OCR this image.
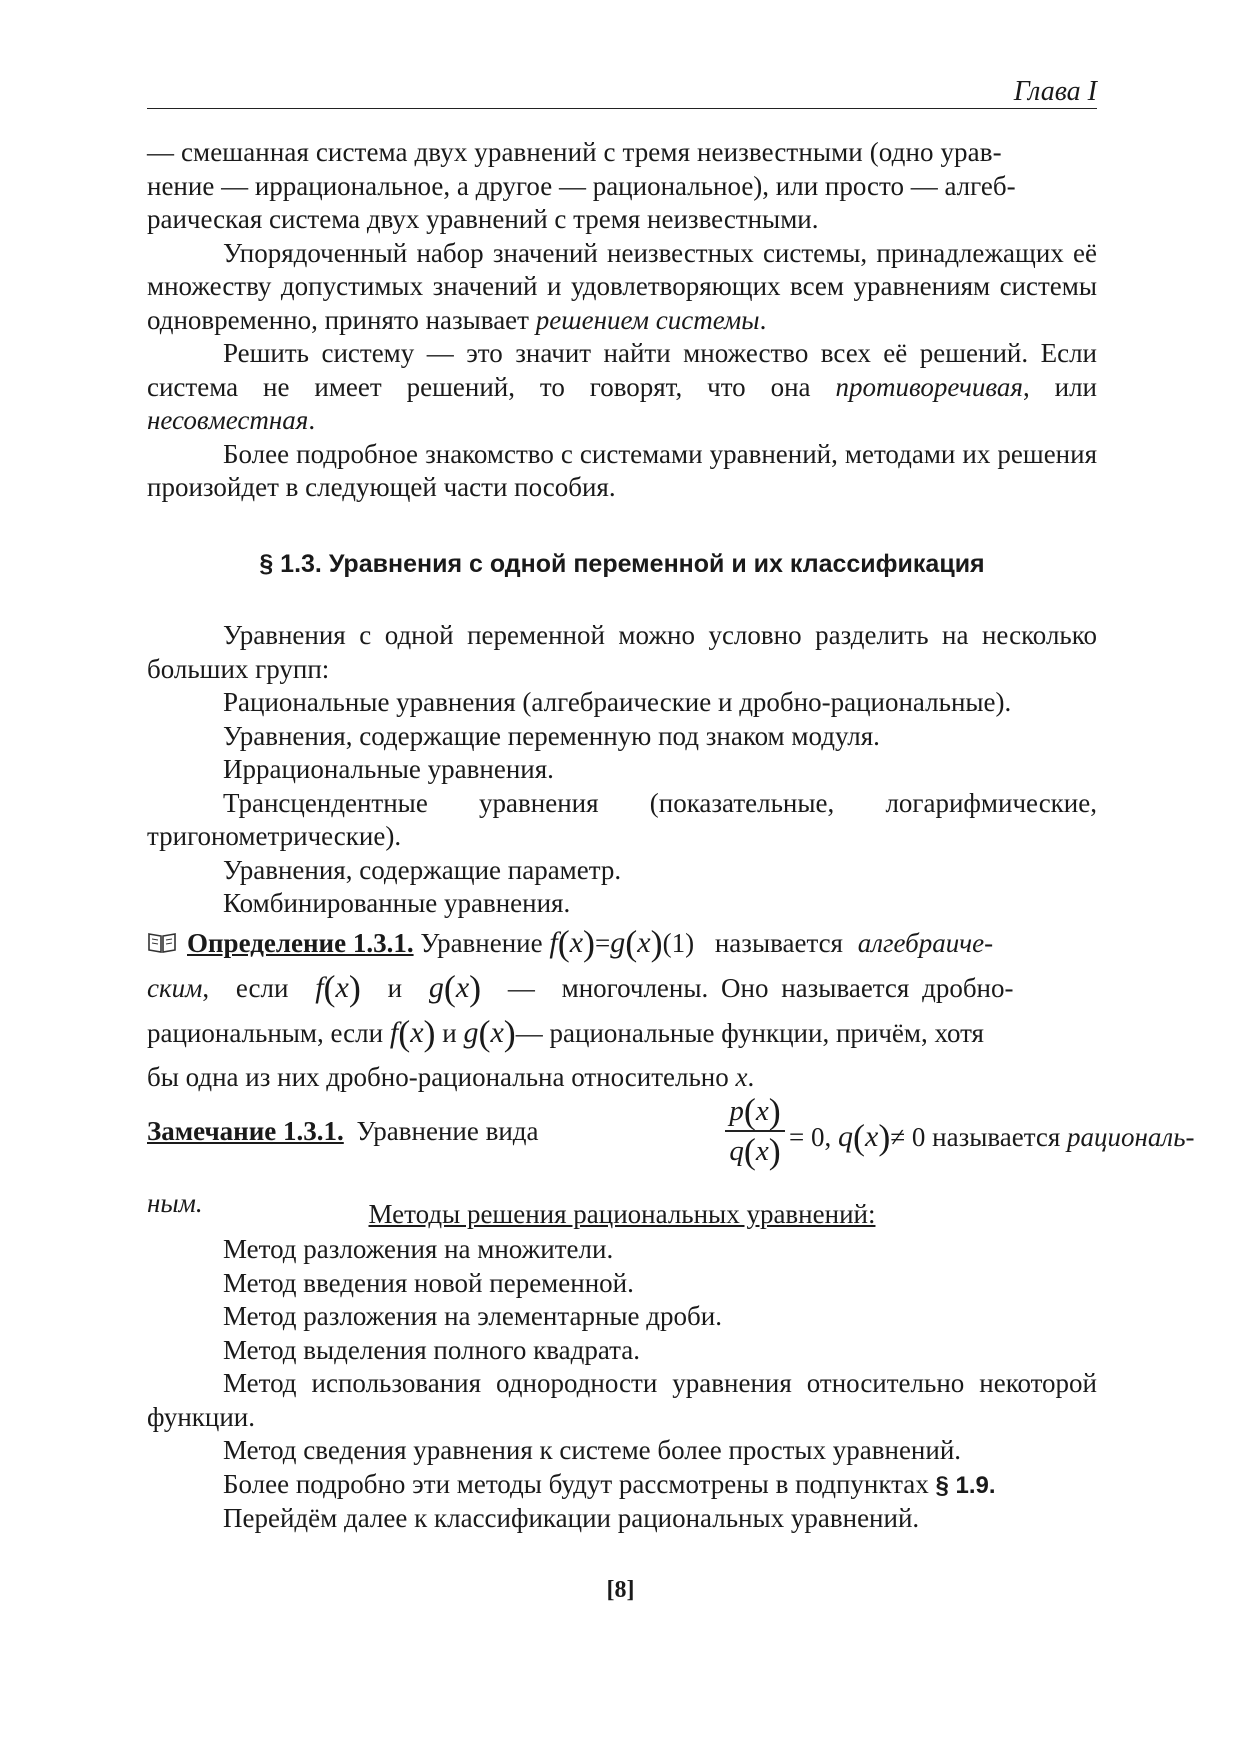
Глава I

— смешанная система двух уравнений с тремя неизвестными (одно урав-

нение — иррациональное, а другое — рациональное), или просто — алгеб-

раическая система двух уравнений с тремя неизвестными.

Упорядоченный набор значений неизвестных системы, принадлежащих её множеству допустимых значений и удовлетворяющих всем уравнениям системы одновременно, принято называет решением системы.

Решить систему — это значит найти множество всех её решений. Если система не имеет решений, то говорят, что она противоречивая, или несовместная.

Более подробное знакомство с системами уравнений, методами их решения произойдет в следующей части пособия.

§ 1.3. Уравнения с одной переменной и их классификация

Уравнения с одной переменной можно условно разделить на несколько больших групп:

Рациональные уравнения (алгебраические и дробно-рациональные).

Уравнения, содержащие переменную под знаком модуля.

Иррациональные уравнения.

Трансцендентные уравнения (показательные, логарифмические, тригонометрические).

Уравнения, содержащие параметр.

Комбинированные уравнения.

Определение 1.3.1. Уравнение f(x)=g(x)(1) называется алгебраиче-
ским, если f(x) и g(x) — многочлены. Оно называется дробно-
рациональным, если f(x) и g(x)— рациональные функции, причём, хотя
бы одна из них дробно-рациональна относительно x.
Замечание 1.3.1. Уравнение вида
p(x)
q(x) = 0, q(x)≠ 0 называется рациональ-
ным.	Методы решения рациональных уравнений:

Метод разложения на множители.

Метод введения новой переменной.

Метод разложения на элементарные дроби.

Метод выделения полного квадрата.

Метод использования однородности уравнения относительно некоторой функции.

Метод сведения уравнения к системе более простых уравнений.

Более подробно эти методы будут рассмотрены в подпунктах § 1.9.

Перейдём далее к классификации рациональных уравнений.

[8]
